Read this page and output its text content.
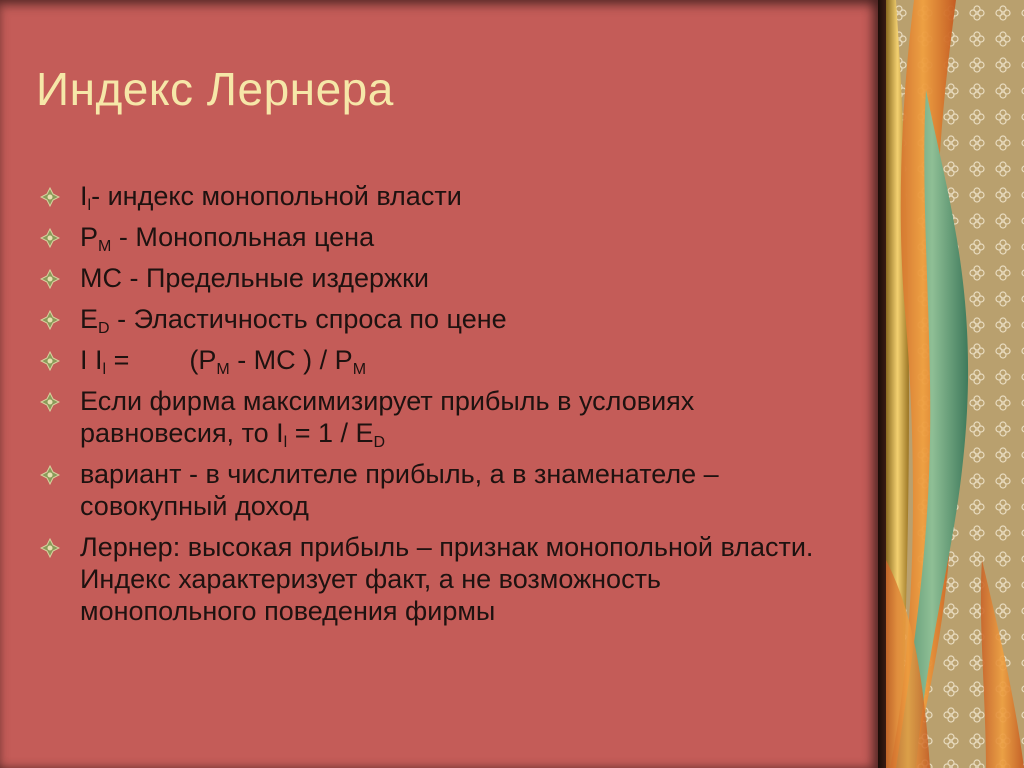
Индекс Лернера
$I_l-$ индекс монопольной власти
$P_M$ - Монопольная цена
MC - Предельные издержки
$E_D$ - Эластичность спроса по цене
I $I_l = (P_M$ - MC ) / $P_M$
Если фирма максимизирует прибыль в условиях равновесия, то $I_l = 1 / E_D$
вариант - в числителе прибыль, а в знаменателе – совокупный доход
Лернер: высокая прибыль – признак монопольной власти. Индекс характеризует факт, а не возможность монопольного поведения фирмы
